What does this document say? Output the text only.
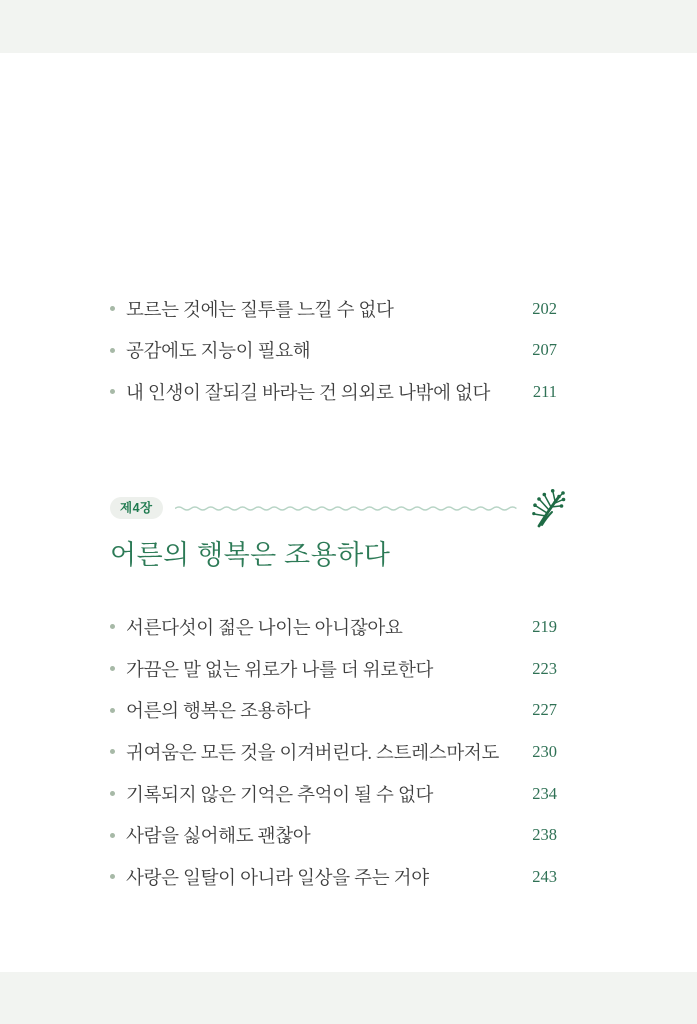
모르는 것에는 질투를 느낄 수 없다	202
공감에도 지능이 필요해	207
내 인생이 잘되길 바라는 건 의외로 나밖에 없다	211
제4장
어른의 행복은 조용하다
서른다섯이 젊은 나이는 아니잖아요	219
가끔은 말 없는 위로가 나를 더 위로한다	223
어른의 행복은 조용하다	227
귀여움은 모든 것을 이겨버린다. 스트레스마저도	230
기록되지 않은 기억은 추억이 될 수 없다	234
사람을 싫어해도 괜찮아	238
사랑은 일탈이 아니라 일상을 주는 거야	243
